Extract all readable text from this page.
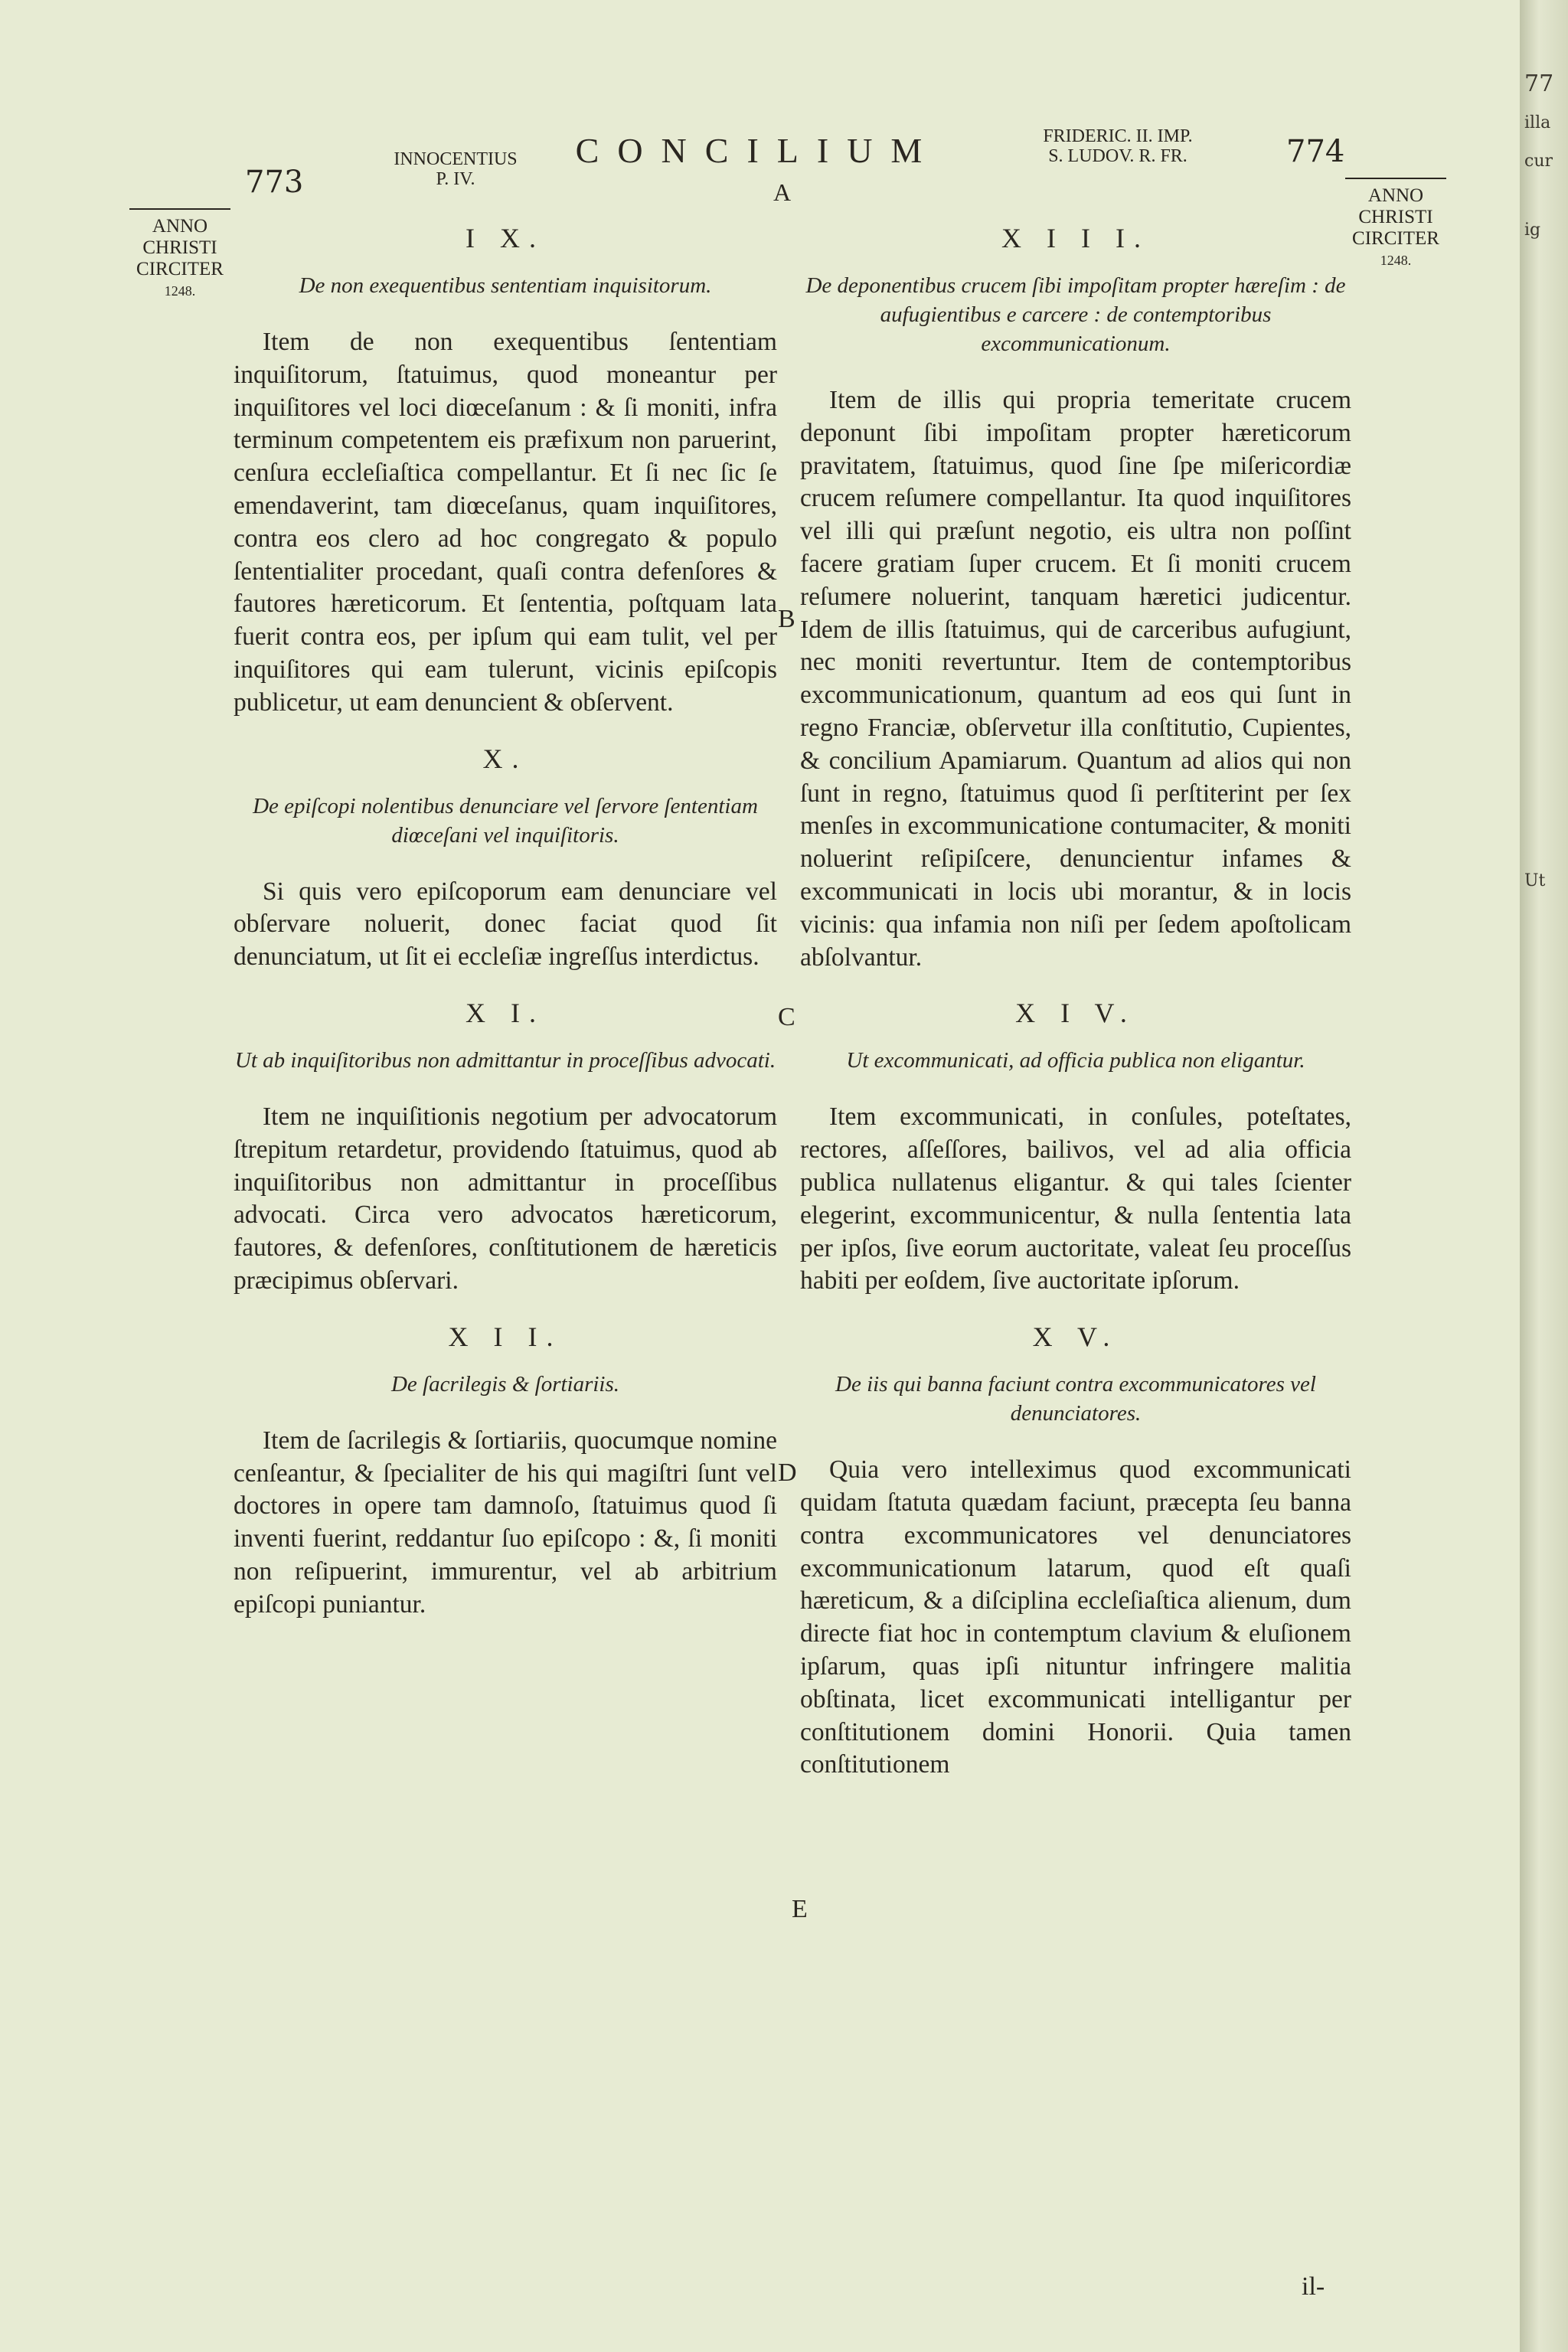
773
INNOCENTIUS
P. IV.
CONCILIUM
A
FRIDERIC. II. IMP.
S. LUDOV. R. FR.	774
ANNO
CHRISTI
CIRCITER
1248.
ANNO
CHRISTI
CIRCITER
1248.
I X.
De non exequentibus sententiam inquisitorum.
Item de non exequentibus ſententiam inquiſitorum, ſtatuimus, quod moneantur per inquiſitores vel loci diœceſanum : & ſi moniti, infra terminum competentem eis præfixum non paruerint, cenſura eccleſiaſtica compellantur. Et ſi nec ſic ſe emendaverint, tam diœceſanus, quam inquiſitores, contra eos clero ad hoc congregato & populo ſententialiter procedant, quaſi contra defenſores & fautores hæreticorum. Et ſententia, poſtquam lata fuerit contra eos, per ipſum qui eam tulit, vel per inquiſitores qui eam tulerunt, vicinis epiſcopis publicetur, ut eam denuncient & obſervent.
X.
De epiſcopi nolentibus denunciare vel ſervore ſententiam diœceſani vel inquiſitoris.
Si quis vero epiſcoporum eam denunciare vel obſervare noluerit, donec faciat quod ſit denunciatum, ut ſit ei eccleſiæ ingreſſus interdictus.
X I.
Ut ab inquiſitoribus non admittantur in proceſſibus advocati.
Item ne inquiſitionis negotium per advocatorum ſtrepitum retardetur, providendo ſtatuimus, quod ab inquiſitoribus non admittantur in proceſſibus advocati. Circa vero advocatos hæreticorum, fautores, & defenſores, conſtitutionem de hæreticis præcipimus obſervari.
X I I.
De ſacrilegis & ſortiariis.
Item de ſacrilegis & ſortiariis, quocumque nomine cenſeantur, & ſpecialiter de his qui magiſtri ſunt vel doctores in opere tam damnoſo, ſtatuimus quod ſi inventi fuerint, reddantur ſuo epiſcopo : &, ſi moniti non reſipuerint, immurentur, vel ab arbitrium epiſcopi puniantur.
X I I I.
De deponentibus crucem ſibi impoſitam propter hæreſim : de aufugientibus e carcere : de contemptoribus excommunicationum.
Item de illis qui propria temeritate crucem deponunt ſibi impoſitam propter hæreticorum pravitatem, ſtatuimus, quod ſine ſpe miſericordiæ crucem reſumere compellantur. Ita quod inquiſitores vel illi qui præſunt negotio, eis ultra non poſſint facere gratiam ſuper crucem. Et ſi moniti crucem reſumere noluerint, tanquam hæretici judicentur. Idem de illis ſtatuimus, qui de carceribus aufugiunt, nec moniti revertuntur. Item de contemptoribus excommunicationum, quantum ad eos qui ſunt in regno Franciæ, obſervetur illa conſtitutio, Cupientes, & concilium Apamiarum. Quantum ad alios qui non ſunt in regno, ſtatuimus quod ſi perſtiterint per ſex menſes in excommunicatione contumaciter, & moniti noluerint reſipiſcere, denuncientur infames & excommunicati in locis ubi morantur, & in locis vicinis: qua infamia non niſi per ſedem apoſtolicam abſolvantur.
X I V.
Ut excommunicati, ad officia publica non eligantur.
Item excommunicati, in conſules, poteſtates, rectores, aſſeſſores, bailivos, vel ad alia officia publica nullatenus eligantur. & qui tales ſcienter elegerint, excommunicentur, & nulla ſententia lata per ipſos, ſive eorum auctoritate, valeat ſeu proceſſus habiti per eoſdem, ſive auctoritate ipſorum.
X V.
De iis qui banna faciunt contra excommunicatores vel denunciatores.
Quia vero intelleximus quod excommunicati quidam ſtatuta quædam faciunt, præcepta ſeu banna contra excommunicatores vel denunciatores excommunicationum latarum, quod eſt quaſi hæreticum, & a diſciplina eccleſiaſtica alienum, dum directe fiat hoc in contemptum clavium & eluſionem ipſarum, quas ipſi nituntur infringere malitia obſtinata, licet excommunicati intelligantur per conſtitutionem domini Honorii. Quia tamen conſtitutionem
B
C
D
E
il-
77
illa
cur
ig
Ut
